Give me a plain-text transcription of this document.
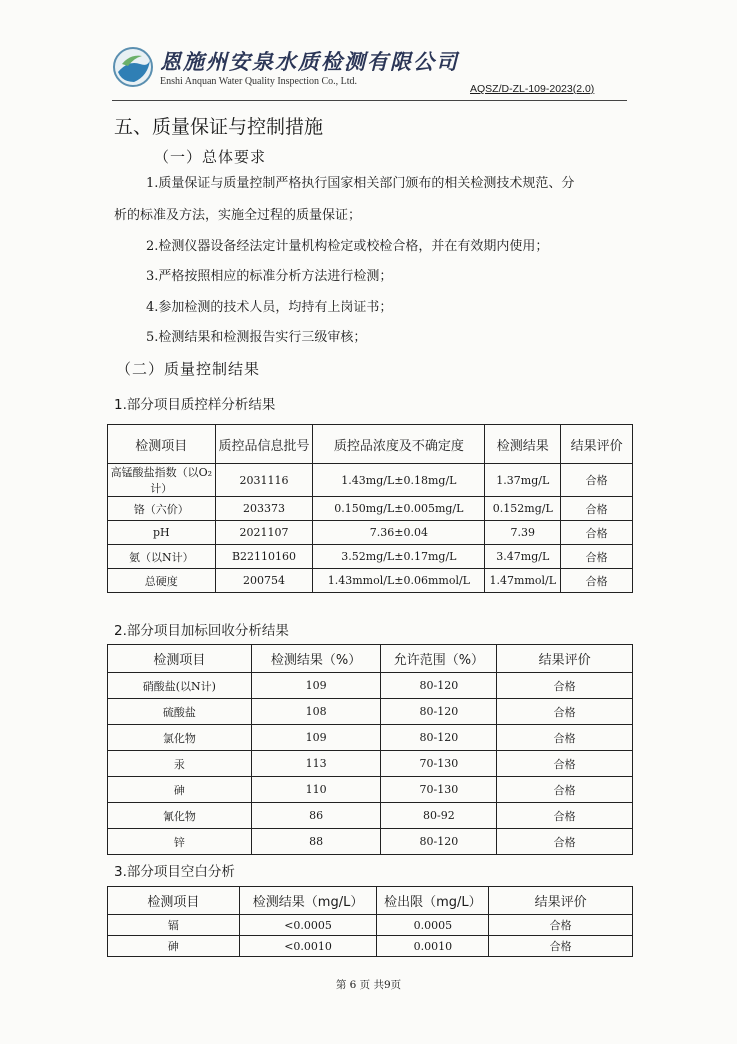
恩施州安泉水质检测有限公司
Enshi Anquan Water Quality Inspection Co., Ltd.
AQSZ/D-ZL-109-2023(2.0)
五、质量保证与控制措施
（一）总体要求
1.质量保证与质量控制严格执行国家相关部门颁布的相关检测技术规范、分
析的标准及方法，实施全过程的质量保证；
2.检测仪器设备经法定计量机构检定或校检合格，并在有效期内使用；
3.严格按照相应的标准分析方法进行检测；
4.参加检测的技术人员，均持有上岗证书；
5.检测结果和检测报告实行三级审核；
（二）质量控制结果
1.部分项目质控样分析结果
检测项目	质控品信息批号	质控品浓度及不确定度	检测结果	结果评价
高锰酸盐指数（以O₂计）	2031116	1.43mg/L±0.18mg/L	1.37mg/L	合格
铬（六价）	203373	0.150mg/L±0.005mg/L	0.152mg/L	合格
pH	2021107	7.36±0.04	7.39	合格
氨（以N计）	B22110160	3.52mg/L±0.17mg/L	3.47mg/L	合格
总硬度	200754	1.43mmol/L±0.06mmol/L	1.47mmol/L	合格
2.部分项目加标回收分析结果
检测项目	检测结果（%）	允许范围（%）	结果评价
硝酸盐(以N计)	109	80-120	合格
硫酸盐	108	80-120	合格
氯化物	109	80-120	合格
汞	113	70-130	合格
砷	110	70-130	合格
氰化物	86	80-92	合格
锌	88	80-120	合格
3.部分项目空白分析
检测项目	检测结果（mg/L）	检出限（mg/L）	结果评价
镉	<0.0005	0.0005	合格
砷	<0.0010	0.0010	合格
第 6 页 共9页
